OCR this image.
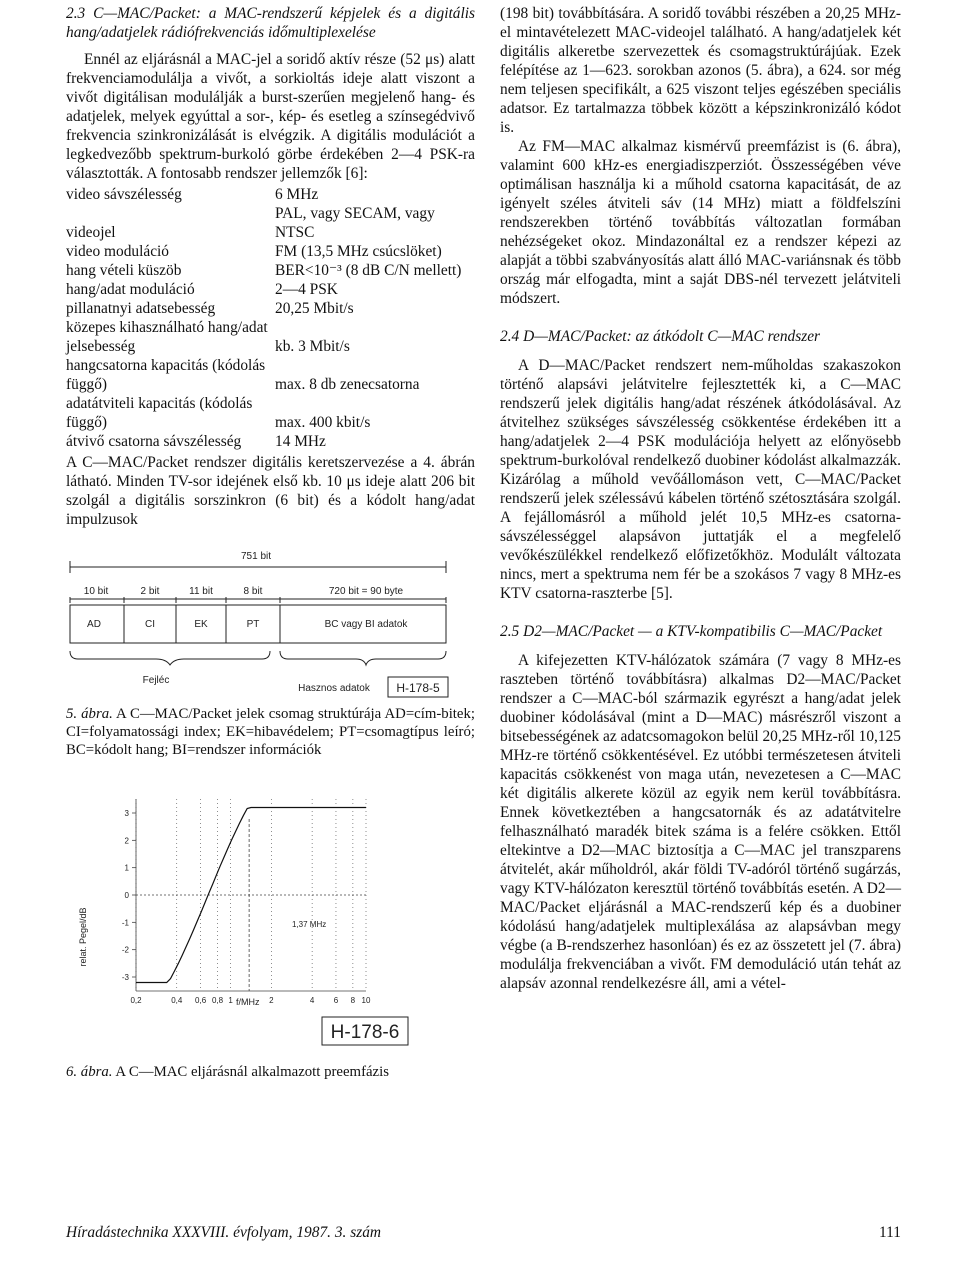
2.3 C—MAC/Packet: a MAC-rendszerű képjelek és a digitális hang/adatjelek rádiófrekvenciás időmultiplexelése

Ennél az eljárásnál a MAC-jel a soridő aktív része (52 μs) alatt frekvenciamodulálja a vivőt, a sorkioltás ideje alatt viszont a vivőt digitálisan modulálják a burst-szerűen megjelenő hang- és adatjelek, melyek egyúttal a sor-, kép- és esetleg a színsegédvivő frekvencia szinkronizálását is elvégzik. A digitális modulációt a legkedvezőbb spektrum-burkoló görbe érdekében 2—4 PSK-ra választották. A fontosabb rendszer jellemzők [6]:

video sávszélesség	6 MHz
videojel	PAL, vagy SECAM, vagy NTSC
video moduláció	FM (13,5 MHz csúcslöket)
hang vételi küszöb	BER<10⁻³ (8 dB C/N mellett)
hang/adat moduláció	2—4 PSK
pillanatnyi adatsebesség	20,25 Mbit/s
közepes kihasználható hang/adat jelsebesség	kb. 3 Mbit/s
hangcsatorna kapacitás (kódolás függő)	max. 8 db zenecsatorna
adatátviteli kapacitás (kódolás függő)	max. 400 kbit/s
átvivő csatorna sávszélesség	14 MHz

A C—MAC/Packet rendszer digitális keretszervezése a 4. ábrán látható. Minden TV-sor idejének első kb. 10 μs ideje alatt 206 bit szolgál a digitális sorszinkron (6 bit) és a kódolt hang/adat impulzusok

751 bit
10 bit	2 bit	11 bit	8 bit	720 bit = 90 byte
AD	CI	EK	PT	BC vagy BI adatok
Fejléc
Hasznos adatok H-178-5

5. ábra. A C—MAC/Packet jelek csomag struktúrája AD=cím-bitek; CI=folyamatossági index; EK=hibavédelem; PT=csomagtípus leíró; BC=kódolt hang; BI=rendszer információk

0,2	0,4 0,6 0,8 1	2	4 6 8 10
3
2
1
0
-1
-2
-3
relat. Pegel/dB
f/MHz
1,37 MHz
H-178-6

6. ábra. A C—MAC eljárásnál alkalmazott preemfázis

(198 bit) továbbítására. A soridő további részében a 20,25 MHz-el mintavételezett MAC-videojel található. A hang/adatjelek két digitális alkeretbe szervezettek és csomagstruktúrájúak. Ezek felépítése az 1—623. sorokban azonos (5. ábra), a 624. sor még nem teljesen specifikált, a 625 viszont teljes egészében speciális adatsor. Ez tartalmazza többek között a képszinkronizáló kódot is.

Az FM—MAC alkalmaz kismérvű preemfázist is (6. ábra), valamint 600 kHz-es energiadiszperziót. Összességében véve optimálisan használja ki a műhold csatorna kapacitását, de az igényelt széles átviteli sáv (14 MHz) miatt a földfelszíni rendszerekben történő továbbítás változatlan formában nehézségeket okoz. Mindazonáltal ez a rendszer képezi az alapját a többi szabványosítás alatt álló MAC-variánsnak és több ország már elfogadta, mint a saját DBS-nél tervezett jelátviteli módszert.

2.4 D—MAC/Packet: az átkódolt C—MAC rendszer

A D—MAC/Packet rendszert nem-műholdas szakaszokon történő alapsávi jelátvitelre fejlesztették ki, a C—MAC rendszerű jelek digitális hang/adat részének átkódolásával. Az átvitelhez szükséges sávszélesség csökkentése érdekében itt a hang/adatjelek 2—4 PSK modulációja helyett az előnyösebb spektrum-burkolóval rendelkező duobiner kódolást alkalmazzák. Kizárólag a műhold vevőállomáson vett, C—MAC/Packet rendszerű jelek szélessávú kábelen történő szétosztására szolgál. A fejállomásról a műhold jelét 10,5 MHz-es csatorna-sávszélességgel alapsávon juttatják el a megfelelő vevőkészülékkel rendelkező előfizetőkhöz. Modulált változata nincs, mert a spektruma nem fér be a szokásos 7 vagy 8 MHz-es KTV csatorna-raszterbe [5].

2.5 D2—MAC/Packet — a KTV-kompatibilis C—MAC/Packet

A kifejezetten KTV-hálózatok számára (7 vagy 8 MHz-es raszteben történő továbbításra) alkalmas D2—MAC/Packet rendszer a C—MAC-ból származik egyrészt a hang/adat jelek duobiner kódolásával (mint a D—MAC) másrészről viszont a bitsebességének az adatcsomagokon belül 20,25 MHz-ről 10,125 MHz-re történő csökkentésével. Ez utóbbi természetesen átviteli kapacitás csökkenést von maga után, nevezetesen a C—MAC két digitális alkerete közül az egyik nem kerül továbbításra. Ennek következtében a hangcsatornák és az adatátvitelre felhasználható maradék bitek száma is a felére csökken. Ettől eltekintve a D2—MAC biztosítja a C—MAC jel transzparens átvitelét, akár műholdról, akár földi TV-adóról történő sugárzás, vagy KTV-hálózaton keresztül történő továbbítás esetén. A D2—MAC/Packet eljárásnál a MAC-rendszerű kép és a duobiner kódolású hang/adatjelek multiplexálása az alapsávban megy végbe (a B-rendszerhez hasonlóan) és ez az összetett jel (7. ábra) modulálja frekvenciában a vivőt. FM demoduláció után tehát az alapsáv azonnal rendelkezésre áll, ami a vétel-

Híradástechnika XXXVIII. évfolyam, 1987. 3. szám	111
